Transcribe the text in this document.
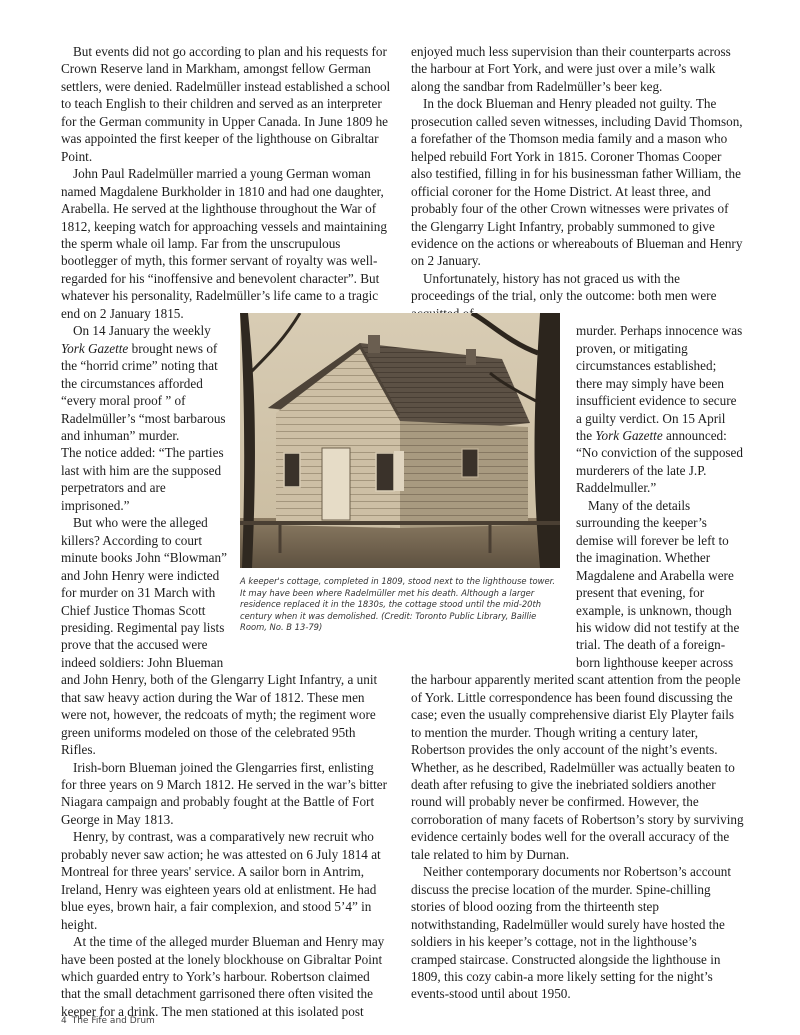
But events did not go according to plan and his requests for Crown Reserve land in Markham, amongst fellow German settlers, were denied. Radelmüller instead established a school to teach English to their children and served as an interpreter for the German community in Upper Canada. In June 1809 he was appointed the first keeper of the lighthouse on Gibraltar Point.

John Paul Radelmüller married a young German woman named Magdalene Burkholder in 1810 and had one daughter, Arabella. He served at the lighthouse throughout the War of 1812, keeping watch for approaching vessels and maintaining the sperm whale oil lamp. Far from the unscrupulous bootlegger of myth, this former servant of royalty was well-regarded for his “inoffensive and benevolent character”. But whatever his personality, Radelmüller’s life came to a tragic end on 2 January 1815.

On 14 January the weekly York Gazette brought news of the “horrid crime” noting that the circumstances afforded “every moral proof ” of Radelmüller’s “most barbarous and inhuman” murder.

The notice added: “The parties last with him are the supposed perpetrators and are imprisoned.”

But who were the alleged killers? According to court minute books John “Blowman” and John Henry were indicted for murder on 31 March with Chief Justice Thomas Scott presiding. Regimental pay lists prove that the accused were indeed soldiers: John Blueman

and John Henry, both of the Glengarry Light Infantry, a unit that saw heavy action during the War of 1812. These men were not, however, the redcoats of myth; the regiment wore green uniforms modeled on those of the celebrated 95th Rifles.

Irish-born Blueman joined the Glengarries first, enlisting for three years on 9 March 1812. He served in the war’s bitter Niagara campaign and probably fought at the Battle of Fort George in May 1813.

Henry, by contrast, was a comparatively new recruit who probably never saw action; he was attested on 6 July 1814 at Montreal for three years' service. A sailor born in Antrim, Ireland, Henry was eighteen years old at enlistment. He had blue eyes, brown hair, a fair complexion, and stood 5’4” in height.

At the time of the alleged murder Blueman and Henry may have been posted at the lonely blockhouse on Gibraltar Point which guarded entry to York’s harbour. Robertson claimed that the small detachment garrisoned there often visited the keeper for a drink. The men stationed at this isolated post

enjoyed much less supervision than their counterparts across the harbour at Fort York, and were just over a mile’s walk along the sandbar from Radelmüller’s beer keg.

In the dock Blueman and Henry pleaded not guilty. The prosecution called seven witnesses, including David Thomson, a forefather of the Thomson media family and a mason who helped rebuild Fort York in 1815. Coroner Thomas Cooper also testified, filling in for his businessman father William, the official coroner for the Home District. At least three, and probably four of the other Crown witnesses were privates of the Glengarry Light Infantry, probably summoned to give evidence on the actions or whereabouts of Blueman and Henry on 2 January.

Unfortunately, history has not graced us with the proceedings of the trial, only the outcome: both men were

murder. Perhaps innocence was proven, or mitigating circumstances established; there may simply have been insufficient evidence to secure a guilty verdict. On 15 April the York Gazette announced: “No conviction of the supposed murderers of the late J.P. Raddelmuller.”

Many of the details surrounding the keeper’s demise will forever be left to the imagination. Whether Magdalene and Arabella were present that evening, for example, is unknown, though his widow did not testify at the trial. The death of a foreign-born lighthouse keeper across

the harbour apparently merited scant attention from the people of York. Little correspondence has been found discussing the case; even the usually comprehensive diarist Ely Playter fails to mention the murder. Though writing a century later, Robertson provides the only account of the night’s events. Whether, as he described, Radelmüller was actually beaten to death after refusing to give the inebriated soldiers another round will probably never be confirmed. However, the corroboration of many facets of Robertson’s story by surviving evidence certainly bodes well for the overall accuracy of the tale related to him by Durnan.

Neither contemporary documents nor Robertson’s account discuss the precise location of the murder. Spine-chilling stories of blood oozing from the thirteenth step notwithstanding, Radelmüller would surely have hosted the soldiers in his keeper’s cottage, not in the lighthouse’s cramped staircase. Constructed alongside the lighthouse in 1809, this cozy cabin-a more likely setting for the night’s events-stood until about 1950.

A keeper's cottage, completed in 1809, stood next to the lighthouse tower. It may have been where Radelmüller met his death. Although a larger residence replaced it in the 1830s, the cottage stood until the mid-20th century when it was demolished. (Credit: Toronto Public Library, Baillie Room, No. B 13-79)
4 The Fife and Drum
